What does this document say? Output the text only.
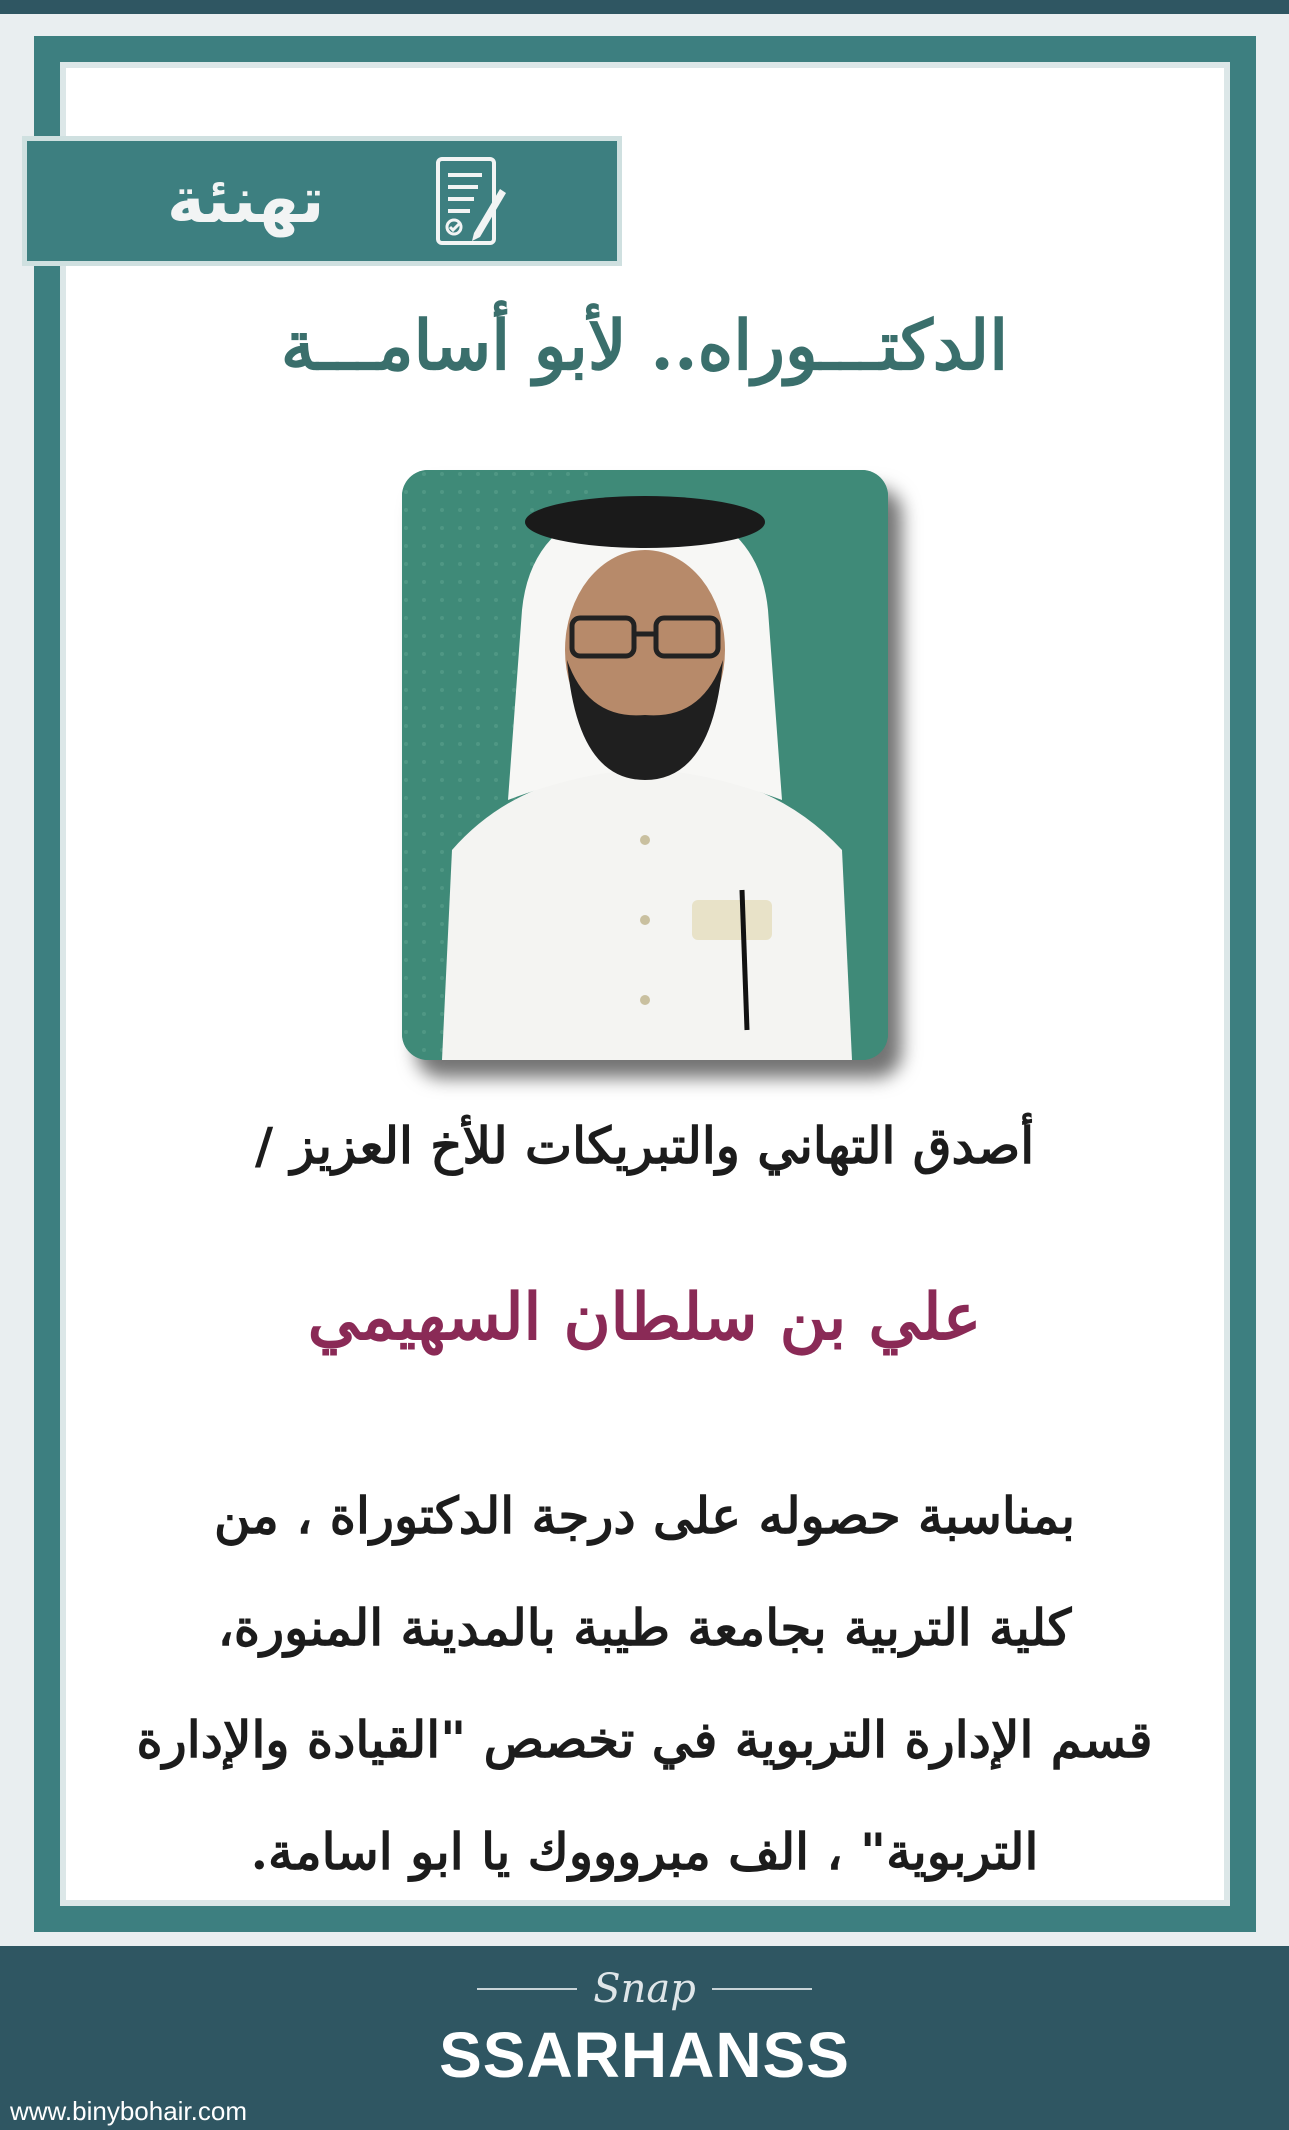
تهنئة
الدكتـــوراه.. لأبو أسامـــة
أصدق التهاني والتبريكات للأخ العزيز /
علي بن سلطان السهيمي
بمناسبة حصوله على درجة الدكتوراة ، من
كلية التربية بجامعة طيبة بالمدينة المنورة،
قسم الإدارة التربوية في تخصص "القيادة والإدارة
التربوية" ، الف مبروووك يا ابو اسامة.
Snap
SSARHANSS
www.binybohair.com
